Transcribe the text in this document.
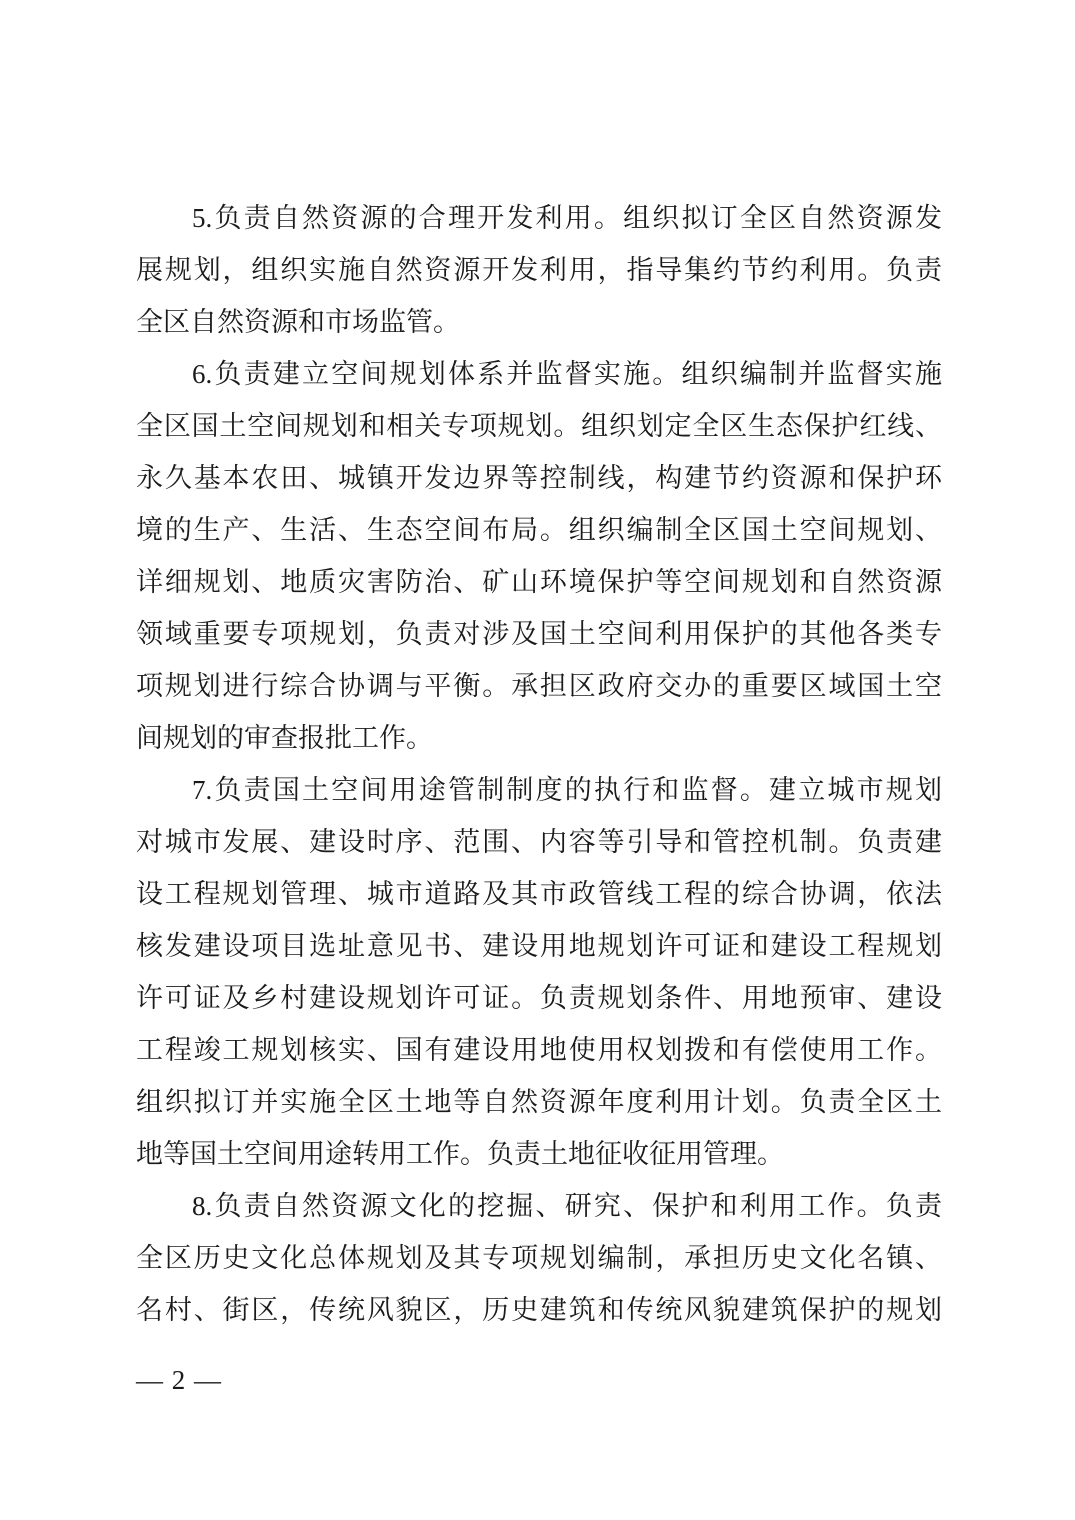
5.负责自然资源的合理开发利用。组织拟订全区自然资源发
展规划，组织实施自然资源开发利用，指导集约节约利用。负责
全区自然资源和市场监管。
6.负责建立空间规划体系并监督实施。组织编制并监督实施
全区国土空间规划和相关专项规划。组织划定全区生态保护红线、
永久基本农田、城镇开发边界等控制线，构建节约资源和保护环
境的生产、生活、生态空间布局。组织编制全区国土空间规划、
详细规划、地质灾害防治、矿山环境保护等空间规划和自然资源
领域重要专项规划，负责对涉及国土空间利用保护的其他各类专
项规划进行综合协调与平衡。承担区政府交办的重要区域国土空
间规划的审查报批工作。
7.负责国土空间用途管制制度的执行和监督。建立城市规划
对城市发展、建设时序、范围、内容等引导和管控机制。负责建
设工程规划管理、城市道路及其市政管线工程的综合协调，依法
核发建设项目选址意见书、建设用地规划许可证和建设工程规划
许可证及乡村建设规划许可证。负责规划条件、用地预审、建设
工程竣工规划核实、国有建设用地使用权划拨和有偿使用工作。
组织拟订并实施全区土地等自然资源年度利用计划。负责全区土
地等国土空间用途转用工作。负责土地征收征用管理。
8.负责自然资源文化的挖掘、研究、保护和利用工作。负责
全区历史文化总体规划及其专项规划编制，承担历史文化名镇、
名村、街区，传统风貌区，历史建筑和传统风貌建筑保护的规划
— 2 —
